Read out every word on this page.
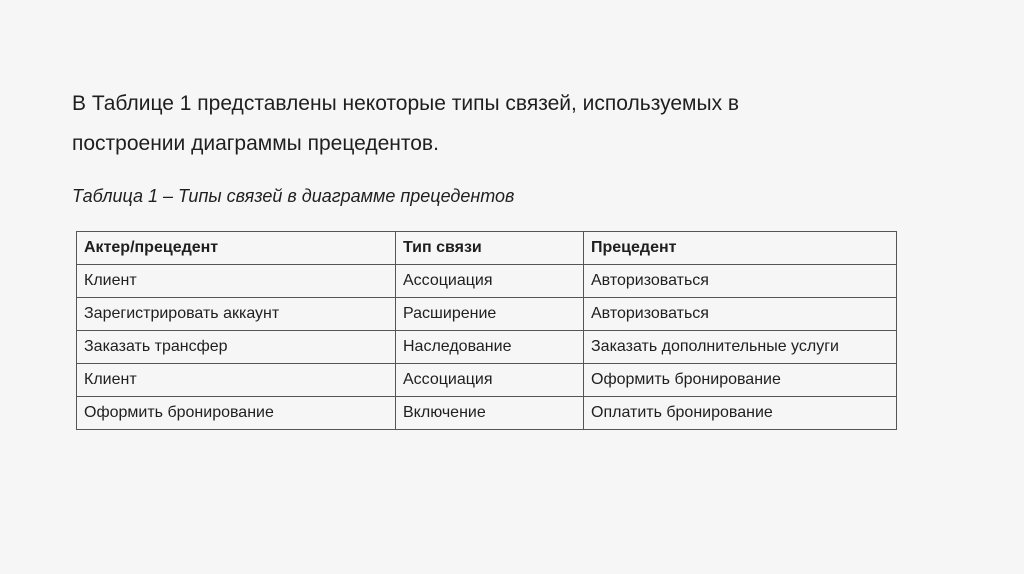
В Таблице 1 представлены некоторые типы связей, используемых в
построении диаграммы прецедентов.

Таблица 1 – Типы связей в диаграмме прецедентов

Актер/прецедент	Тип связи	Прецедент
Клиент	Ассоциация	Авторизоваться
Зарегистрировать аккаунт	Расширение	Авторизоваться
Заказать трансфер	Наследование	Заказать дополнительные услуги
Клиент	Ассоциация	Оформить бронирование
Оформить бронирование	Включение	Оплатить бронирование
